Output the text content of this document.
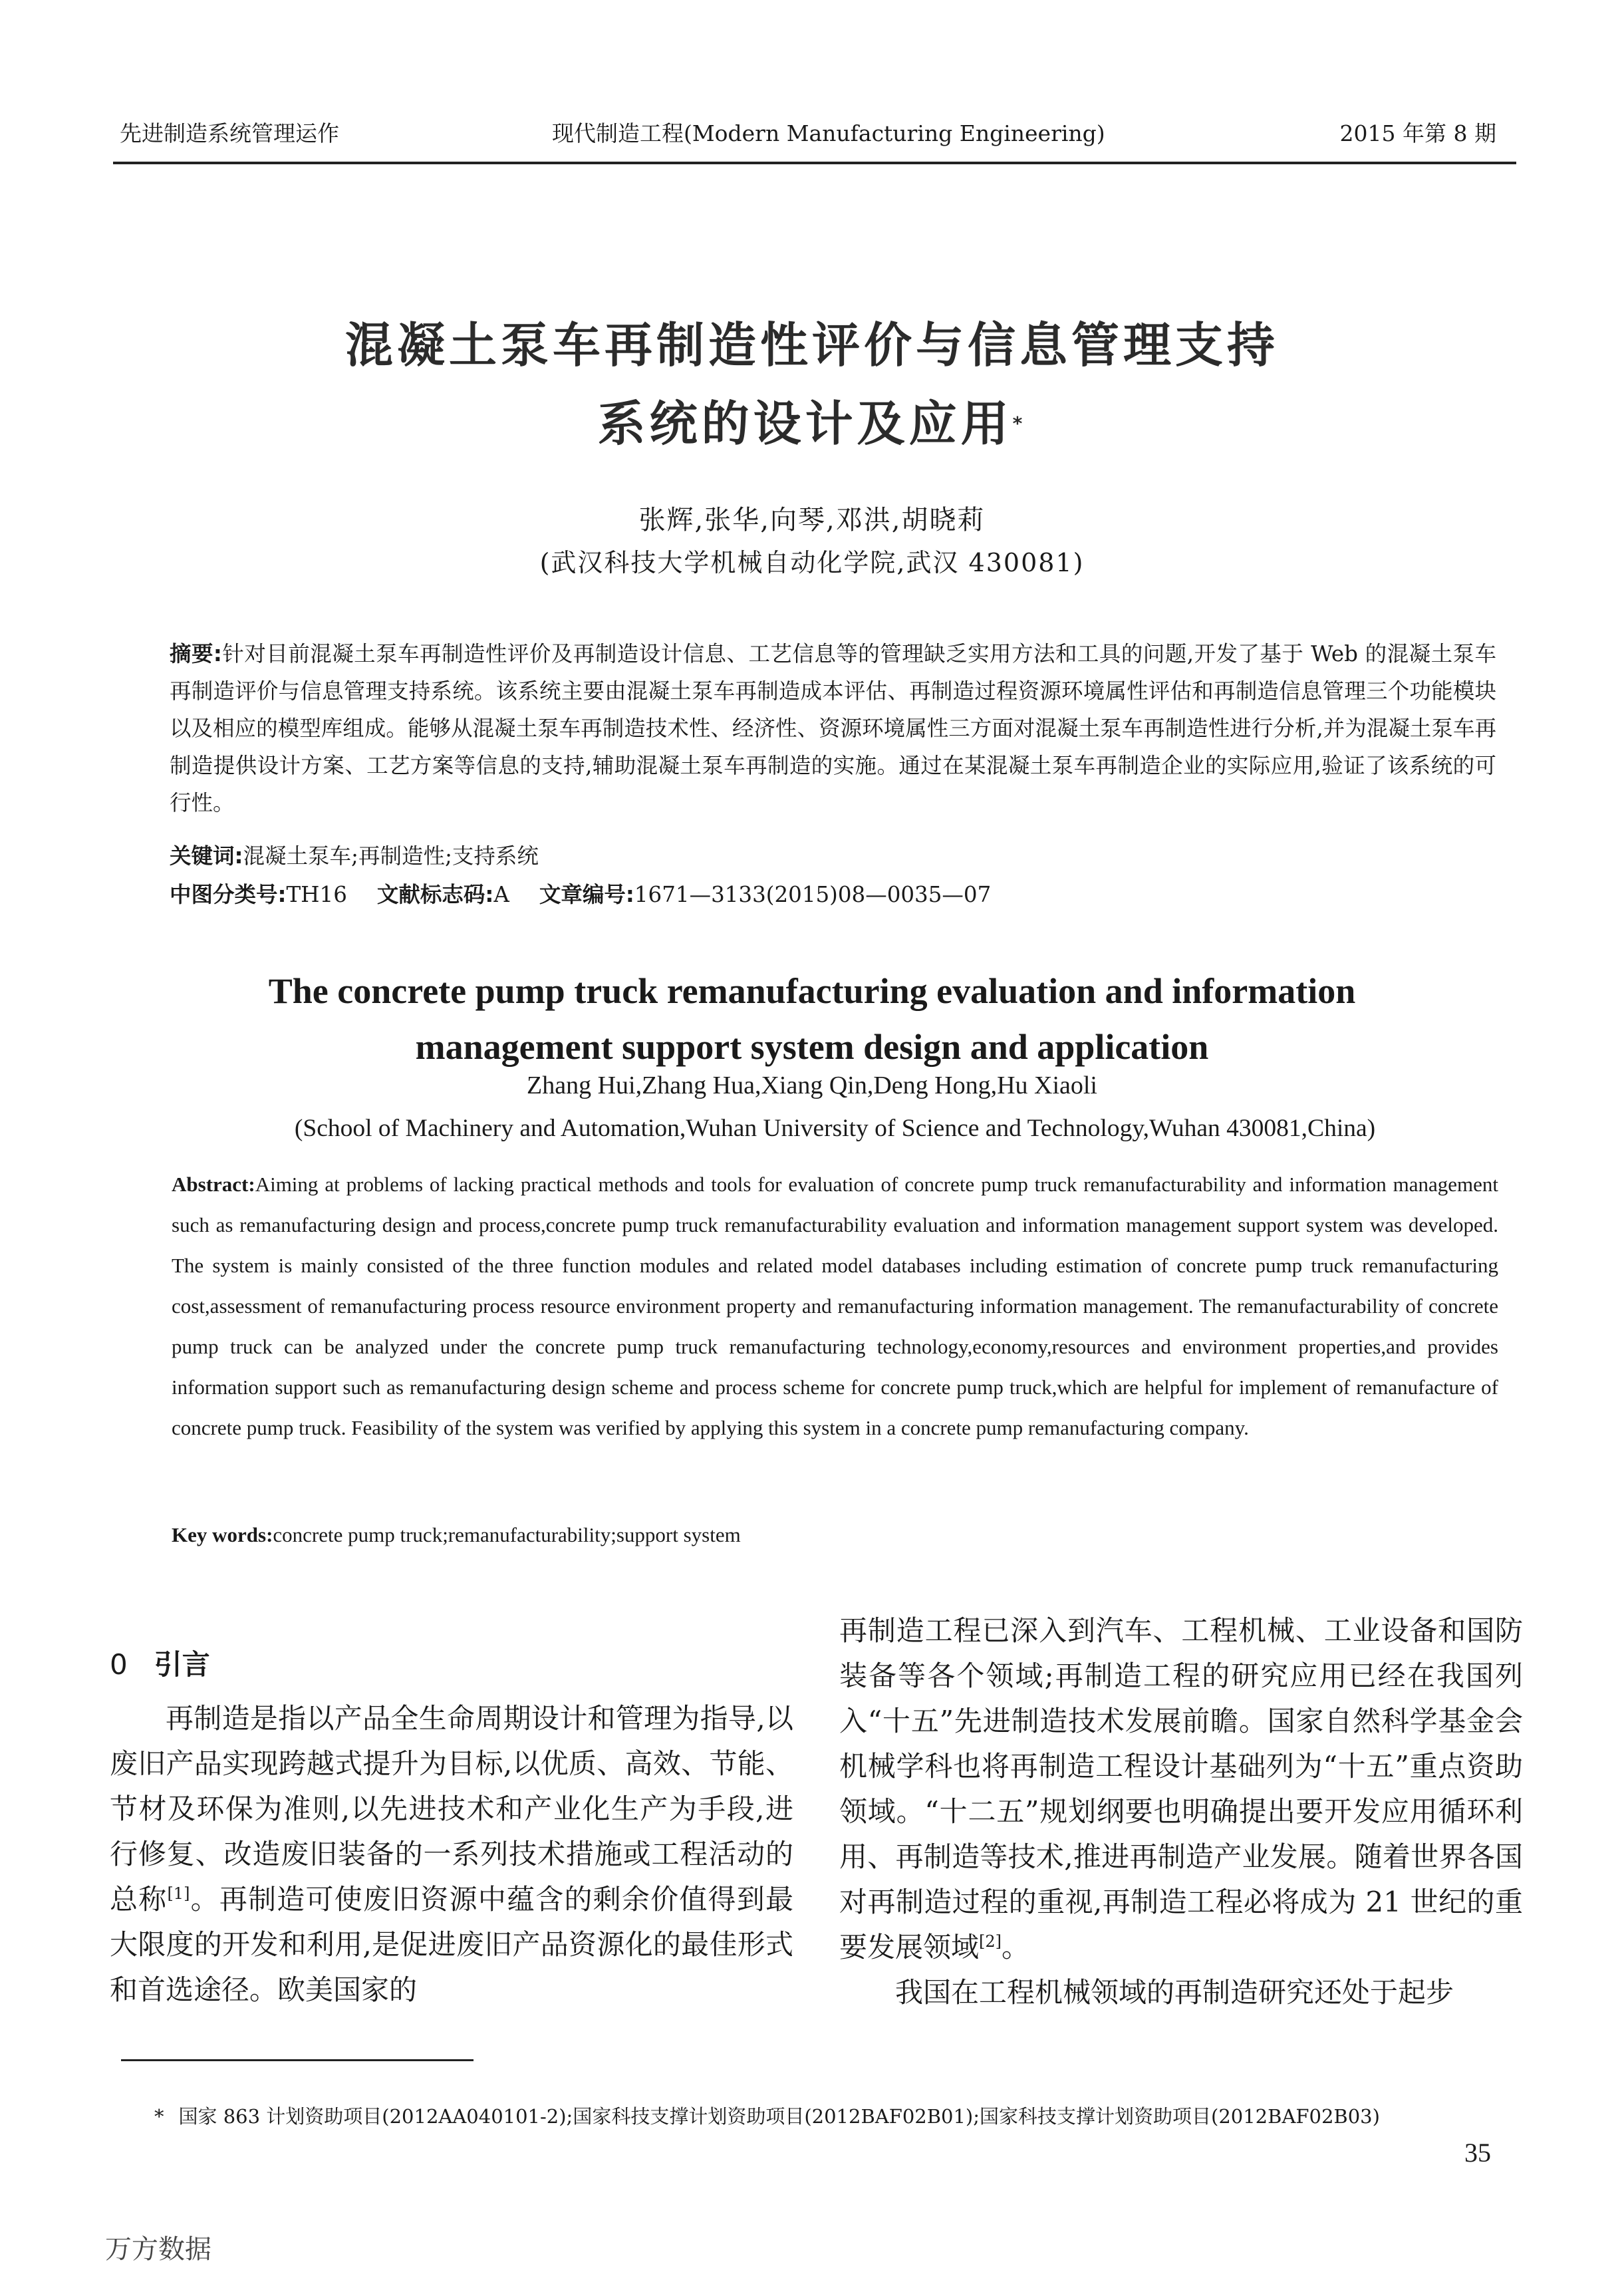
先进制造系统管理运作	现代制造工程(Modern Manufacturing Engineering)	2015 年第 8 期
混凝土泵车再制造性评价与信息管理支持
系统的设计及应用*
张辉,张华,向琴,邓洪,胡晓莉
(武汉科技大学机械自动化学院,武汉 430081)
摘要:针对目前混凝土泵车再制造性评价及再制造设计信息、工艺信息等的管理缺乏实用方法和工具的问题,开发了基于 Web 的混凝土泵车再制造评价与信息管理支持系统。该系统主要由混凝土泵车再制造成本评估、再制造过程资源环境属性评估和再制造信息管理三个功能模块以及相应的模型库组成。能够从混凝土泵车再制造技术性、经济性、资源环境属性三方面对混凝土泵车再制造性进行分析,并为混凝土泵车再制造提供设计方案、工艺方案等信息的支持,辅助混凝土泵车再制造的实施。通过在某混凝土泵车再制造企业的实际应用,验证了该系统的可行性。
关键词:混凝土泵车;再制造性;支持系统
中图分类号:TH16 文献标志码:A 文章编号:1671—3133(2015)08—0035—07
The concrete pump truck remanufacturing evaluation and information
management support system design and application
Zhang Hui,Zhang Hua,Xiang Qin,Deng Hong,Hu Xiaoli
(School of Machinery and Automation,Wuhan University of Science and Technology,Wuhan 430081,China)
Abstract:Aiming at problems of lacking practical methods and tools for evaluation of concrete pump truck remanufacturability and information management such as remanufacturing design and process,concrete pump truck remanufacturability evaluation and information management support system was developed. The system is mainly consisted of the three function modules and related model databases including estimation of concrete pump truck remanufacturing cost,assessment of remanufacturing process resource environment property and remanufacturing information management. The remanufacturability of concrete pump truck can be analyzed under the concrete pump truck remanufacturing technology,economy,resources and environment properties,and provides information support such as remanufacturing design scheme and process scheme for concrete pump truck,which are helpful for implement of remanufacture of concrete pump truck. Feasibility of the system was verified by applying this system in a concrete pump remanufacturing company.
Key words:concrete pump truck;remanufacturability;support system
0 引言

再制造是指以产品全生命周期设计和管理为指导,以废旧产品实现跨越式提升为目标,以优质、高效、节能、节材及环保为准则,以先进技术和产业化生产为手段,进行修复、改造废旧装备的一系列技术措施或工程活动的总称[1]。再制造可使废旧资源中蕴含的剩余价值得到最大限度的开发和利用,是促进废旧产品资源化的最佳形式和首选途径。欧美国家的

再制造工程已深入到汽车、工程机械、工业设备和国防装备等各个领域;再制造工程的研究应用已经在我国列入“十五”先进制造技术发展前瞻。国家自然科学基金会机械学科也将再制造工程设计基础列为“十五”重点资助领域。“十二五”规划纲要也明确提出要开发应用循环利用、再制造等技术,推进再制造产业发展。随着世界各国对再制造过程的重视,再制造工程必将成为 21 世纪的重要发展领域[2]。

我国在工程机械领域的再制造研究还处于起步

* 国家 863 计划资助项目(2012AA040101-2);国家科技支撑计划资助项目(2012BAF02B01);国家科技支撑计划资助项目(2012BAF02B03)
35
万方数据
